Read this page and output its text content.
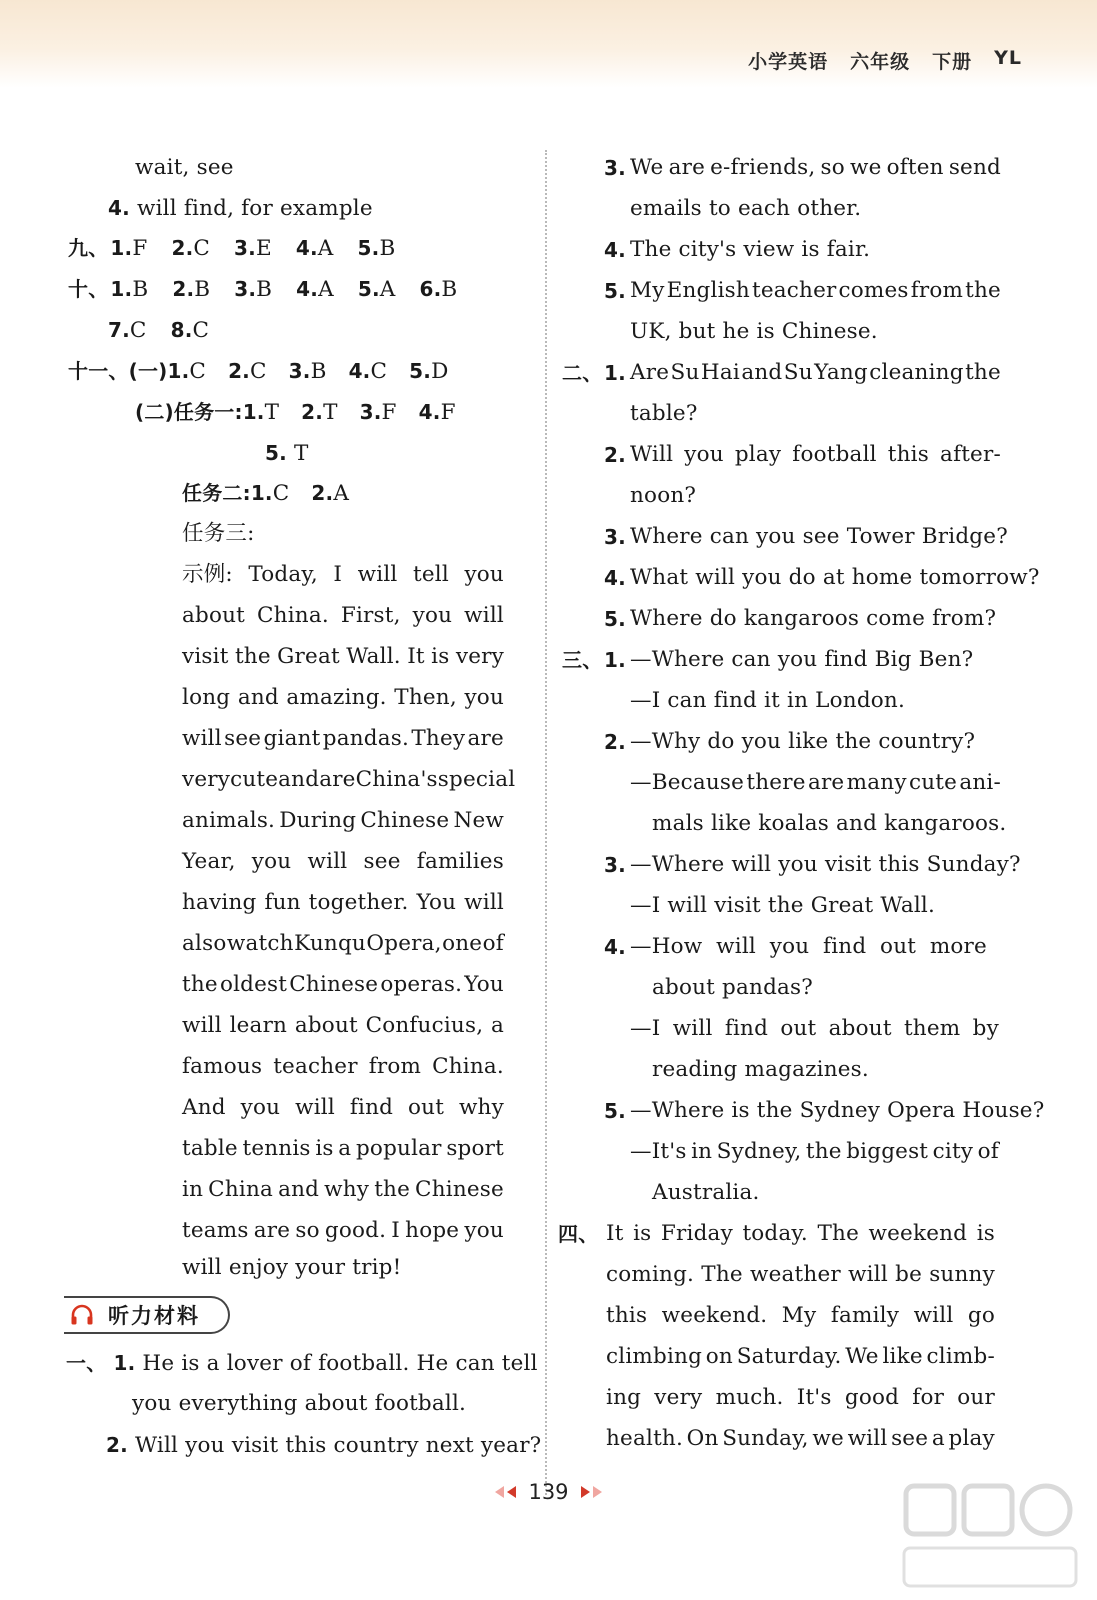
小学英语 六年级 下册 YL
wait, see
4. will find, for example
九、 1.F 2.C 3.E 4.A 5.B
十、 1.B 2.B 3.B 4.A 5.A 6.B
7.C 8.C
十一、(一) 1.C 2.C 3.B 4.C 5.D
(二)任务一: 1.T 2.T 3.F 4.F
5. T
任务二: 1.C 2.A
任务三:
示例: Today, I will tell you
about China. First, you will
visit the Great Wall. It is very
long and amazing. Then, you
will see giant pandas. They are
very cute and are China's special
animals. During Chinese New
Year, you will see families
having fun together. You will
also watch Kunqu Opera, one of
the oldest Chinese operas. You
will learn about Confucius, a
famous teacher from China.
And you will find out why
table tennis is a popular sport
in China and why the Chinese
teams are so good. I hope you
will enjoy your trip!
听力材料
一、 1. He is a lover of football. He can tell
you everything about football.
2. Will you visit this country next year?
3. We are e-friends, so we often send
emails to each other.
4. The city's view is fair.
5. My English teacher comes from the
UK, but he is Chinese.
二、 1. Are Su Hai and Su Yang cleaning the
table?
2. Will you play football this after-
noon?
3. Where can you see Tower Bridge?
4. What will you do at home tomorrow?
5. Where do kangaroos come from?
三、 1. —Where can you find Big Ben?
—I can find it in London.
2. —Why do you like the country?
—Because there are many cute ani-
mals like koalas and kangaroos.
3. —Where will you visit this Sunday?
—I will visit the Great Wall.
4. —How will you find out more
about pandas?
—I will find out about them by
reading magazines.
5. —Where is the Sydney Opera House?
—It's in Sydney, the biggest city of
Australia.
四、 It is Friday today. The weekend is
coming. The weather will be sunny
this weekend. My family will go
climbing on Saturday. We like climb-
ing very much. It's good for our
health. On Sunday, we will see a play
139
